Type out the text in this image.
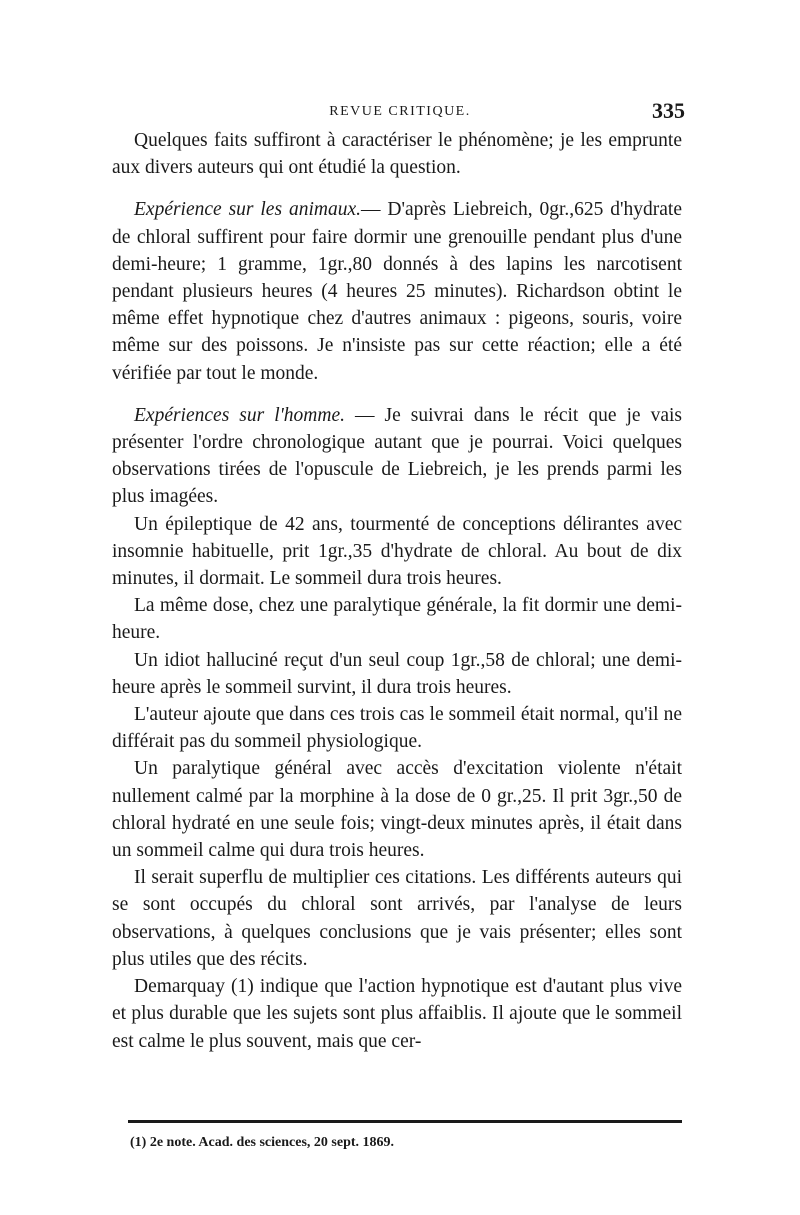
REVUE CRITIQUE.	335

Quelques faits suffiront à caractériser le phénomène; je les emprunte aux divers auteurs qui ont étudié la question.

Expérience sur les animaux.— D'après Liebreich, 0gr.,625 d'hydrate de chloral suffirent pour faire dormir une grenouille pendant plus d'une demi-heure; 1 gramme, 1gr.,80 donnés à des lapins les narcotisent pendant plusieurs heures (4 heures 25 minutes). Richardson obtint le même effet hypnotique chez d'autres animaux : pigeons, souris, voire même sur des poissons. Je n'insiste pas sur cette réaction; elle a été vérifiée par tout le monde.

Expériences sur l'homme. — Je suivrai dans le récit que je vais présenter l'ordre chronologique autant que je pourrai. Voici quelques observations tirées de l'opuscule de Liebreich, je les prends parmi les plus imagées.

Un épileptique de 42 ans, tourmenté de conceptions délirantes avec insomnie habituelle, prit 1gr.,35 d'hydrate de chloral. Au bout de dix minutes, il dormait. Le sommeil dura trois heures.

La même dose, chez une paralytique générale, la fit dormir une demi-heure.

Un idiot halluciné reçut d'un seul coup 1gr.,58 de chloral; une demi-heure après le sommeil survint, il dura trois heures.

L'auteur ajoute que dans ces trois cas le sommeil était normal, qu'il ne différait pas du sommeil physiologique.

Un paralytique général avec accès d'excitation violente n'était nullement calmé par la morphine à la dose de 0 gr.,25. Il prit 3gr.,50 de chloral hydraté en une seule fois; vingt-deux minutes après, il était dans un sommeil calme qui dura trois heures.

Il serait superflu de multiplier ces citations. Les différents auteurs qui se sont occupés du chloral sont arrivés, par l'analyse de leurs observations, à quelques conclusions que je vais présenter; elles sont plus utiles que des récits.

Demarquay (1) indique que l'action hypnotique est d'autant plus vive et plus durable que les sujets sont plus affaiblis. Il ajoute que le sommeil est calme le plus souvent, mais que cer-

(1) 2e note. Acad. des sciences, 20 sept. 1869.
